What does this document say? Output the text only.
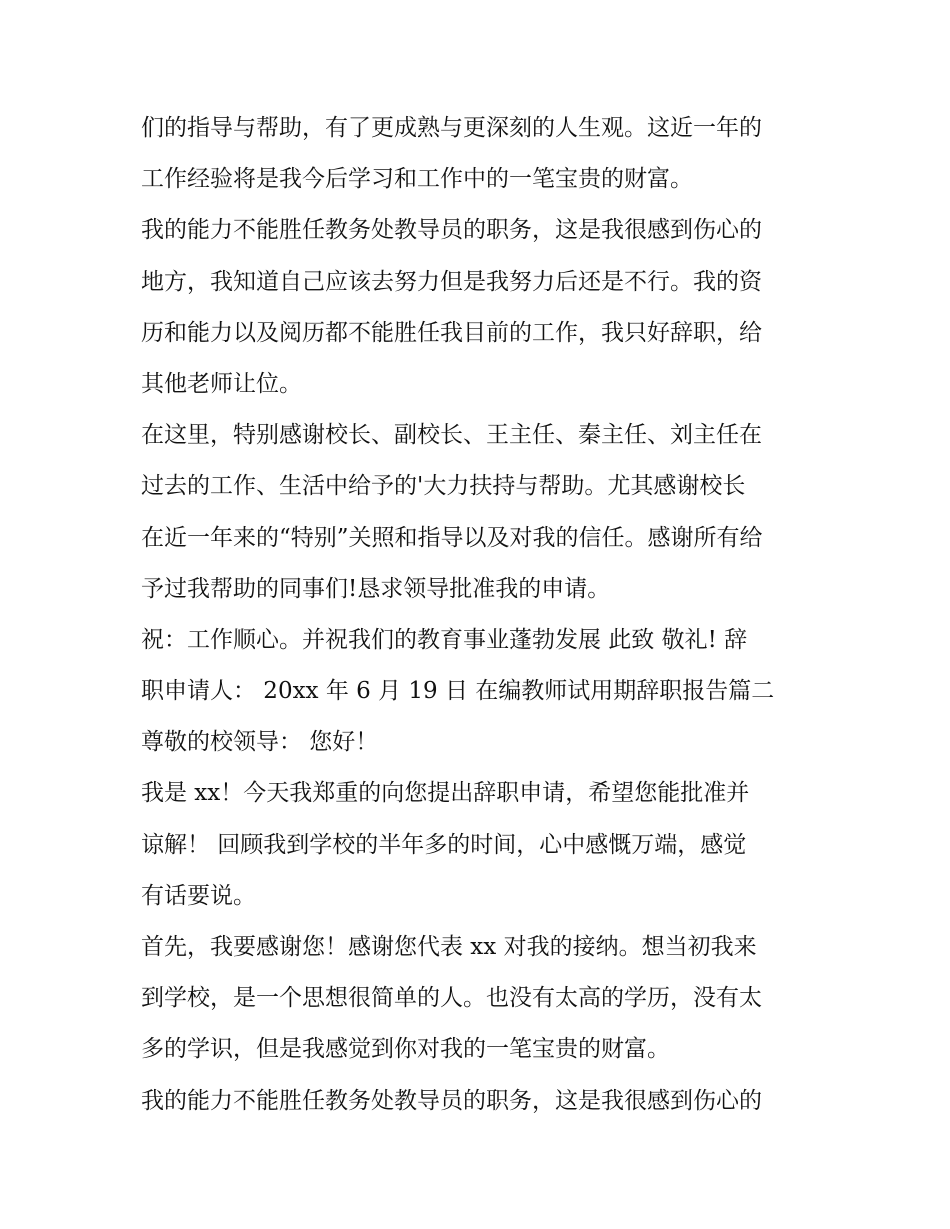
们的指导与帮助，有了更成熟与更深刻的人生观。这近一年的

工作经验将是我今后学习和工作中的一笔宝贵的财富。

我的能力不能胜任教务处教导员的职务，这是我很感到伤心的

地方，我知道自己应该去努力但是我努力后还是不行。我的资

历和能力以及阅历都不能胜任我目前的工作，我只好辞职，给

其他老师让位。

在这里，特别感谢校长、副校长、王主任、秦主任、刘主任在

过去的工作、生活中给予的'大力扶持与帮助。尤其感谢校长

在近一年来的“特别”关照和指导以及对我的信任。感谢所有给

予过我帮助的同事们!恳求领导批准我的申请。

祝：工作顺心。并祝我们的教育事业蓬勃发展 此致 敬礼! 辞

职申请人： 20xx 年 6 月 19 日 在编教师试用期辞职报告篇二

尊敬的校领导： 您好！

我是 xx！今天我郑重的向您提出辞职申请，希望您能批准并

谅解！ 回顾我到学校的半年多的时间，心中感慨万端，感觉

有话要说。

首先，我要感谢您！感谢您代表 xx 对我的接纳。想当初我来

到学校，是一个思想很简单的人。也没有太高的学历，没有太

多的学识，但是我感觉到你对我的一笔宝贵的财富。

我的能力不能胜任教务处教导员的职务，这是我很感到伤心的
